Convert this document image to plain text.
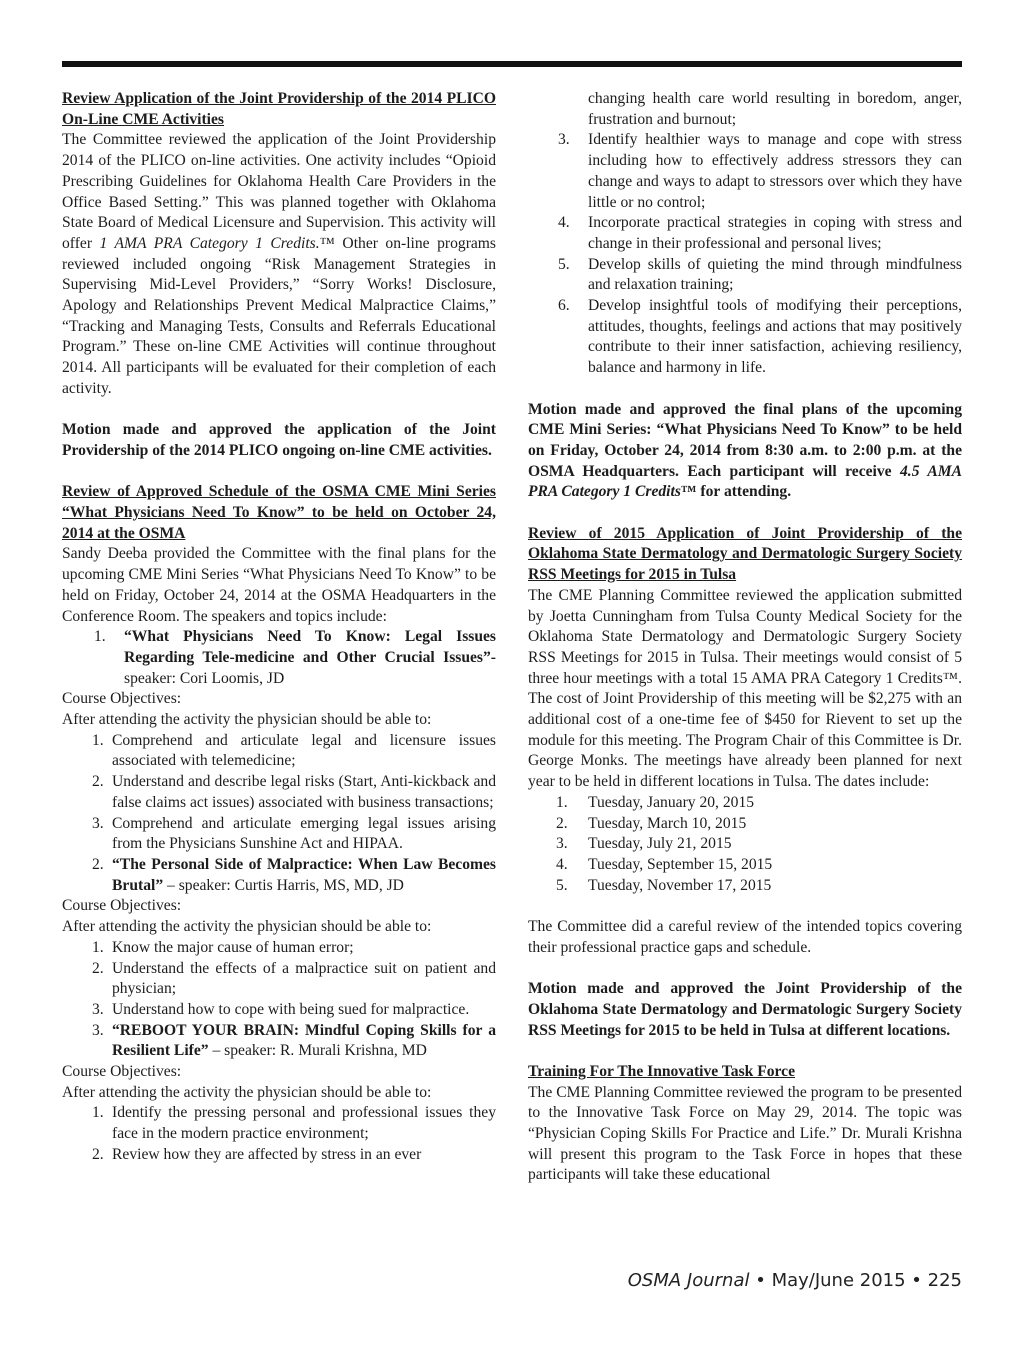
Review Application of the Joint Providership of the 2014 PLICO On-Line CME Activities

The Committee reviewed the application of the Joint Providership 2014 of the PLICO on-line activities. One activity includes “Opioid Prescribing Guidelines for Oklahoma Health Care Providers in the Office Based Setting.” This was planned together with Oklahoma State Board of Medical Licensure and Supervision. This activity will offer 1 AMA PRA Category 1 Credits.™ Other on-line programs reviewed included ongoing “Risk Management Strategies in Supervising Mid-Level Providers,” “Sorry Works! Disclosure, Apology and Relationships Prevent Medical Malpractice Claims,” “Tracking and Managing Tests, Consults and Referrals Educational Program.” These on-line CME Activities will continue throughout 2014. All participants will be evaluated for their completion of each activity.

Motion made and approved the application of the Joint Providership of the 2014 PLICO ongoing on-line CME activities.

Review of Approved Schedule of the OSMA CME Mini Series “What Physicians Need To Know” to be held on October 24, 2014 at the OSMA

Sandy Deeba provided the Committee with the final plans for the upcoming CME Mini Series “What Physicians Need To Know” to be held on Friday, October 24, 2014 at the OSMA Headquarters in the Conference Room. The speakers and topics include:

1.	“What Physicians Need To Know: Legal Issues Regarding Tele-medicine and Other Crucial Issues”- speaker: Cori Loomis, JD

Course Objectives:

After attending the activity the physician should be able to:

1. Comprehend and articulate legal and licensure issues associated with telemedicine;
2. Understand and describe legal risks (Start, Anti-kickback and false claims act issues) associated with business transactions;
3. Comprehend and articulate emerging legal issues arising from the Physicians Sunshine Act and HIPAA.
2. “The Personal Side of Malpractice: When Law Becomes Brutal” – speaker: Curtis Harris, MS, MD, JD

Course Objectives:

After attending the activity the physician should be able to:

1. Know the major cause of human error;
2. Understand the effects of a malpractice suit on patient and physician;
3. Understand how to cope with being sued for malpractice.
3. “REBOOT YOUR BRAIN: Mindful Coping Skills for a Resilient Life” – speaker: R. Murali Krishna, MD

Course Objectives:

After attending the activity the physician should be able to:

1. Identify the pressing personal and professional issues they face in the modern practice environment;
2. Review how they are affected by stress in an ever
changing health care world resulting in boredom, anger, frustration and burnout;
3.	Identify healthier ways to manage and cope with stress including how to effectively address stressors they can change and ways to adapt to stressors over which they have little or no control;
4.	Incorporate practical strategies in coping with stress and change in their professional and personal lives;
5.	Develop skills of quieting the mind through mindfulness and relaxation training;
6.	Develop insightful tools of modifying their perceptions, attitudes, thoughts, feelings and actions that may positively contribute to their inner satisfaction, achieving resiliency, balance and harmony in life.

Motion made and approved the final plans of the upcoming CME Mini Series: “What Physicians Need To Know” to be held on Friday, October 24, 2014 from 8:30 a.m. to 2:00 p.m. at the OSMA Headquarters. Each participant will receive 4.5 AMA PRA Category 1 Credits™ for attending.

Review of 2015 Application of Joint Providership of the Oklahoma State Dermatology and Dermatologic Surgery Society RSS Meetings for 2015 in Tulsa

The CME Planning Committee reviewed the application submitted by Joetta Cunningham from Tulsa County Medical Society for the Oklahoma State Dermatology and Dermatologic Surgery Society RSS Meetings for 2015 in Tulsa. Their meetings would consist of 5 three hour meetings with a total 15 AMA PRA Category 1 Credits™. The cost of Joint Providership of this meeting will be $2,275 with an additional cost of a one-time fee of $450 for Rievent to set up the module for this meeting. The Program Chair of this Committee is Dr. George Monks. The meetings have already been planned for next year to be held in different locations in Tulsa. The dates include:

1.	Tuesday, January 20, 2015
2.	Tuesday, March 10, 2015
3.	Tuesday, July 21, 2015
4.	Tuesday, September 15, 2015
5.	Tuesday, November 17, 2015

The Committee did a careful review of the intended topics covering their professional practice gaps and schedule.

Motion made and approved the Joint Providership of the Oklahoma State Dermatology and Dermatologic Surgery Society RSS Meetings for 2015 to be held in Tulsa at different locations.

Training For The Innovative Task Force

The CME Planning Committee reviewed the program to be presented to the Innovative Task Force on May 29, 2014. The topic was “Physician Coping Skills For Practice and Life.” Dr. Murali Krishna will present this program to the Task Force in hopes that these participants will take these educational

OSMA Journal • May/June 2015 • 225
